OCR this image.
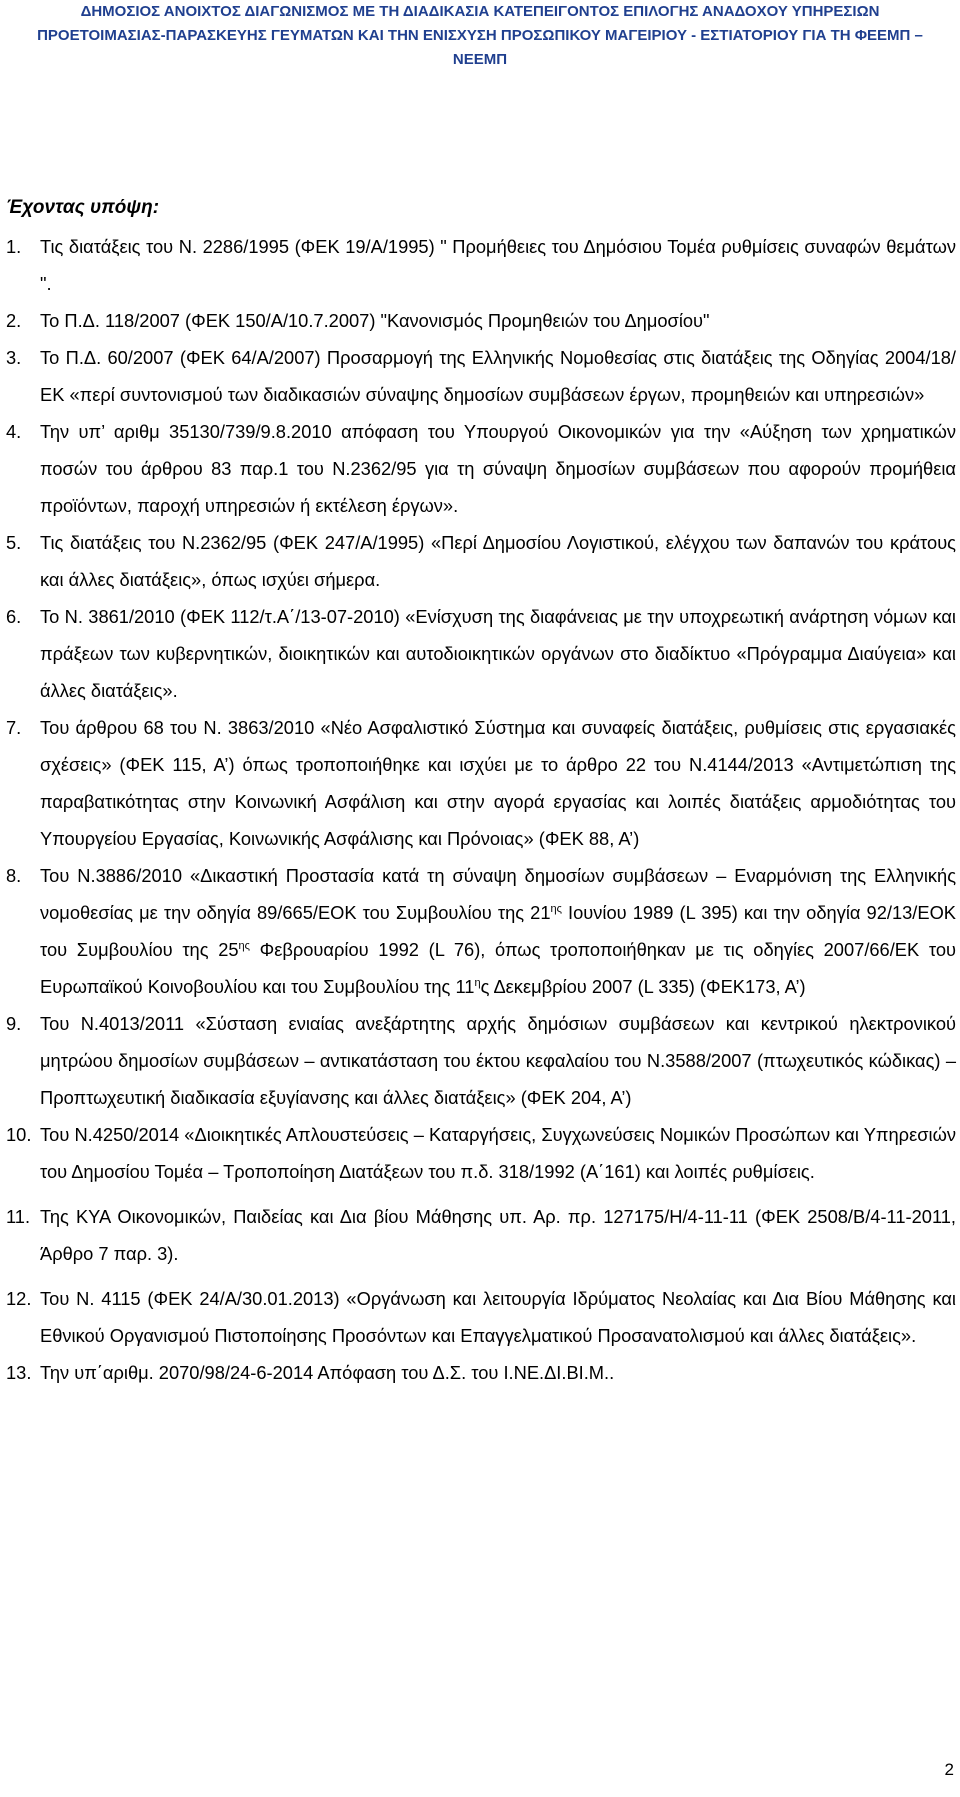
ΔΗΜΟΣΙΟΣ ΑΝΟΙΧΤΟΣ ΔΙΑΓΩΝΙΣΜΟΣ ΜΕ ΤΗ ΔΙΑΔΙΚΑΣΙΑ ΚΑΤΕΠΕΙΓΟΝΤΟΣ ΕΠΙΛΟΓΗΣ ΑΝΑΔΟΧΟΥ ΥΠΗΡΕΣΙΩΝ
ΠΡΟΕΤΟΙΜΑΣΙΑΣ-ΠΑΡΑΣΚΕΥΗΣ ΓΕΥΜΑΤΩΝ ΚΑΙ ΤΗΝ ΕΝΙΣΧΥΣΗ ΠΡΟΣΩΠΙΚΟΥ ΜΑΓΕΙΡΙΟΥ - ΕΣΤΙΑΤΟΡΙΟΥ ΓΙΑ ΤΗ ΦΕΕΜΠ –
ΝΕΕΜΠ
Έχοντας υπόψη:
1.	Τις διατάξεις του Ν. 2286/1995 (ΦΕΚ 19/Α/1995) " Προμήθειες του Δημόσιου Τομέα ρυθμίσεις συναφών θεμάτων ".
2.	Το Π.Δ. 118/2007 (ΦΕΚ 150/Α/10.7.2007) "Κανονισμός Προμηθειών του Δημοσίου"
3.	Το Π.Δ. 60/2007 (ΦΕΚ 64/Α/2007) Προσαρμογή της Ελληνικής Νομοθεσίας στις διατάξεις της Οδηγίας 2004/18/ΕΚ «περί συντονισμού των διαδικασιών σύναψης δημοσίων συμβάσεων έργων, προμηθειών και υπηρεσιών»
4.	Την υπ’ αριθμ 35130/739/9.8.2010 απόφαση του Υπουργού Οικονομικών για την «Αύξηση των χρηματικών ποσών του άρθρου 83 παρ.1 του Ν.2362/95 για τη σύναψη δημοσίων συμβάσεων που αφορούν προμήθεια προϊόντων, παροχή υπηρεσιών ή εκτέλεση έργων».
5.	Τις διατάξεις του Ν.2362/95 (ΦΕΚ 247/Α/1995) «Περί Δημοσίου Λογιστικού, ελέγχου των δαπανών του κράτους και άλλες διατάξεις», όπως ισχύει σήμερα.
6.	Το Ν. 3861/2010 (ΦΕΚ 112/τ.Α΄/13-07-2010) «Ενίσχυση της διαφάνειας με την υποχρεωτική ανάρτηση νόμων και πράξεων των κυβερνητικών, διοικητικών και αυτοδιοικητικών οργάνων στο διαδίκτυο «Πρόγραμμα Διαύγεια» και άλλες διατάξεις».
7.	Του άρθρου 68 του Ν. 3863/2010 «Νέο Ασφαλιστικό Σύστημα και συναφείς διατάξεις, ρυθμίσεις στις εργασιακές σχέσεις» (ΦΕΚ 115, Α’) όπως τροποποιήθηκε και ισχύει με το άρθρο 22 του Ν.4144/2013 «Αντιμετώπιση της παραβατικότητας στην Κοινωνική Ασφάλιση και στην αγορά εργασίας και λοιπές διατάξεις αρμοδιότητας του Υπουργείου Εργασίας, Κοινωνικής Ασφάλισης και Πρόνοιας» (ΦΕΚ 88, Α’)
8.	Του Ν.3886/2010 «Δικαστική Προστασία κατά τη σύναψη δημοσίων συμβάσεων – Εναρμόνιση της Ελληνικής νομοθεσίας με την οδηγία 89/665/ΕΟΚ του Συμβουλίου της $21^{\eta\varsigma}$ Ιουνίου 1989 (L 395) και την οδηγία 92/13/ΕΟΚ του Συμβουλίου της $25^{\eta\varsigma}$ Φεβρουαρίου 1992 (L 76), όπως τροποποιήθηκαν με τις οδηγίες 2007/66/ΕΚ του Ευρωπαϊκού Κοινοβουλίου και του Συμβουλίου της $11^\eta\varsigma$ Δεκεμβρίου 2007 (L 335) (ΦΕΚ173, Α’)
9.	Του Ν.4013/2011 «Σύσταση ενιαίας ανεξάρτητης αρχής δημόσιων συμβάσεων και κεντρικού ηλεκτρονικού μητρώου δημοσίων συμβάσεων – αντικατάσταση του έκτου κεφαλαίου του Ν.3588/2007 (πτωχευτικός κώδικας) – Προπτωχευτική διαδικασία εξυγίανσης και άλλες διατάξεις» (ΦΕΚ 204, Α’)
10. Του Ν.4250/2014 «Διοικητικές Απλουστεύσεις – Καταργήσεις, Συγχωνεύσεις Νομικών Προσώπων και Υπηρεσιών του Δημοσίου Τομέα – Τροποποίηση Διατάξεων του π.δ. 318/1992 (Α΄161) και λοιπές ρυθμίσεις.
11. Της ΚΥΑ Οικονομικών, Παιδείας και Δια βίου Μάθησης υπ. Αρ. πρ. 127175/Η/4-11-11 (ΦΕΚ 2508/Β/4-11-2011, Άρθρο 7 παρ. 3).
12. Του Ν. 4115 (ΦΕΚ 24/Α/30.01.2013) «Οργάνωση και λειτουργία Ιδρύματος Νεολαίας και Δια Βίου Μάθησης και Εθνικού Οργανισμού Πιστοποίησης Προσόντων και Επαγγελματικού Προσανατολισμού και άλλες διατάξεις».
13. Την υπ΄αριθμ. 2070/98/24-6-2014 Απόφαση του Δ.Σ. του Ι.ΝΕ.ΔΙ.ΒΙ.Μ..
2
